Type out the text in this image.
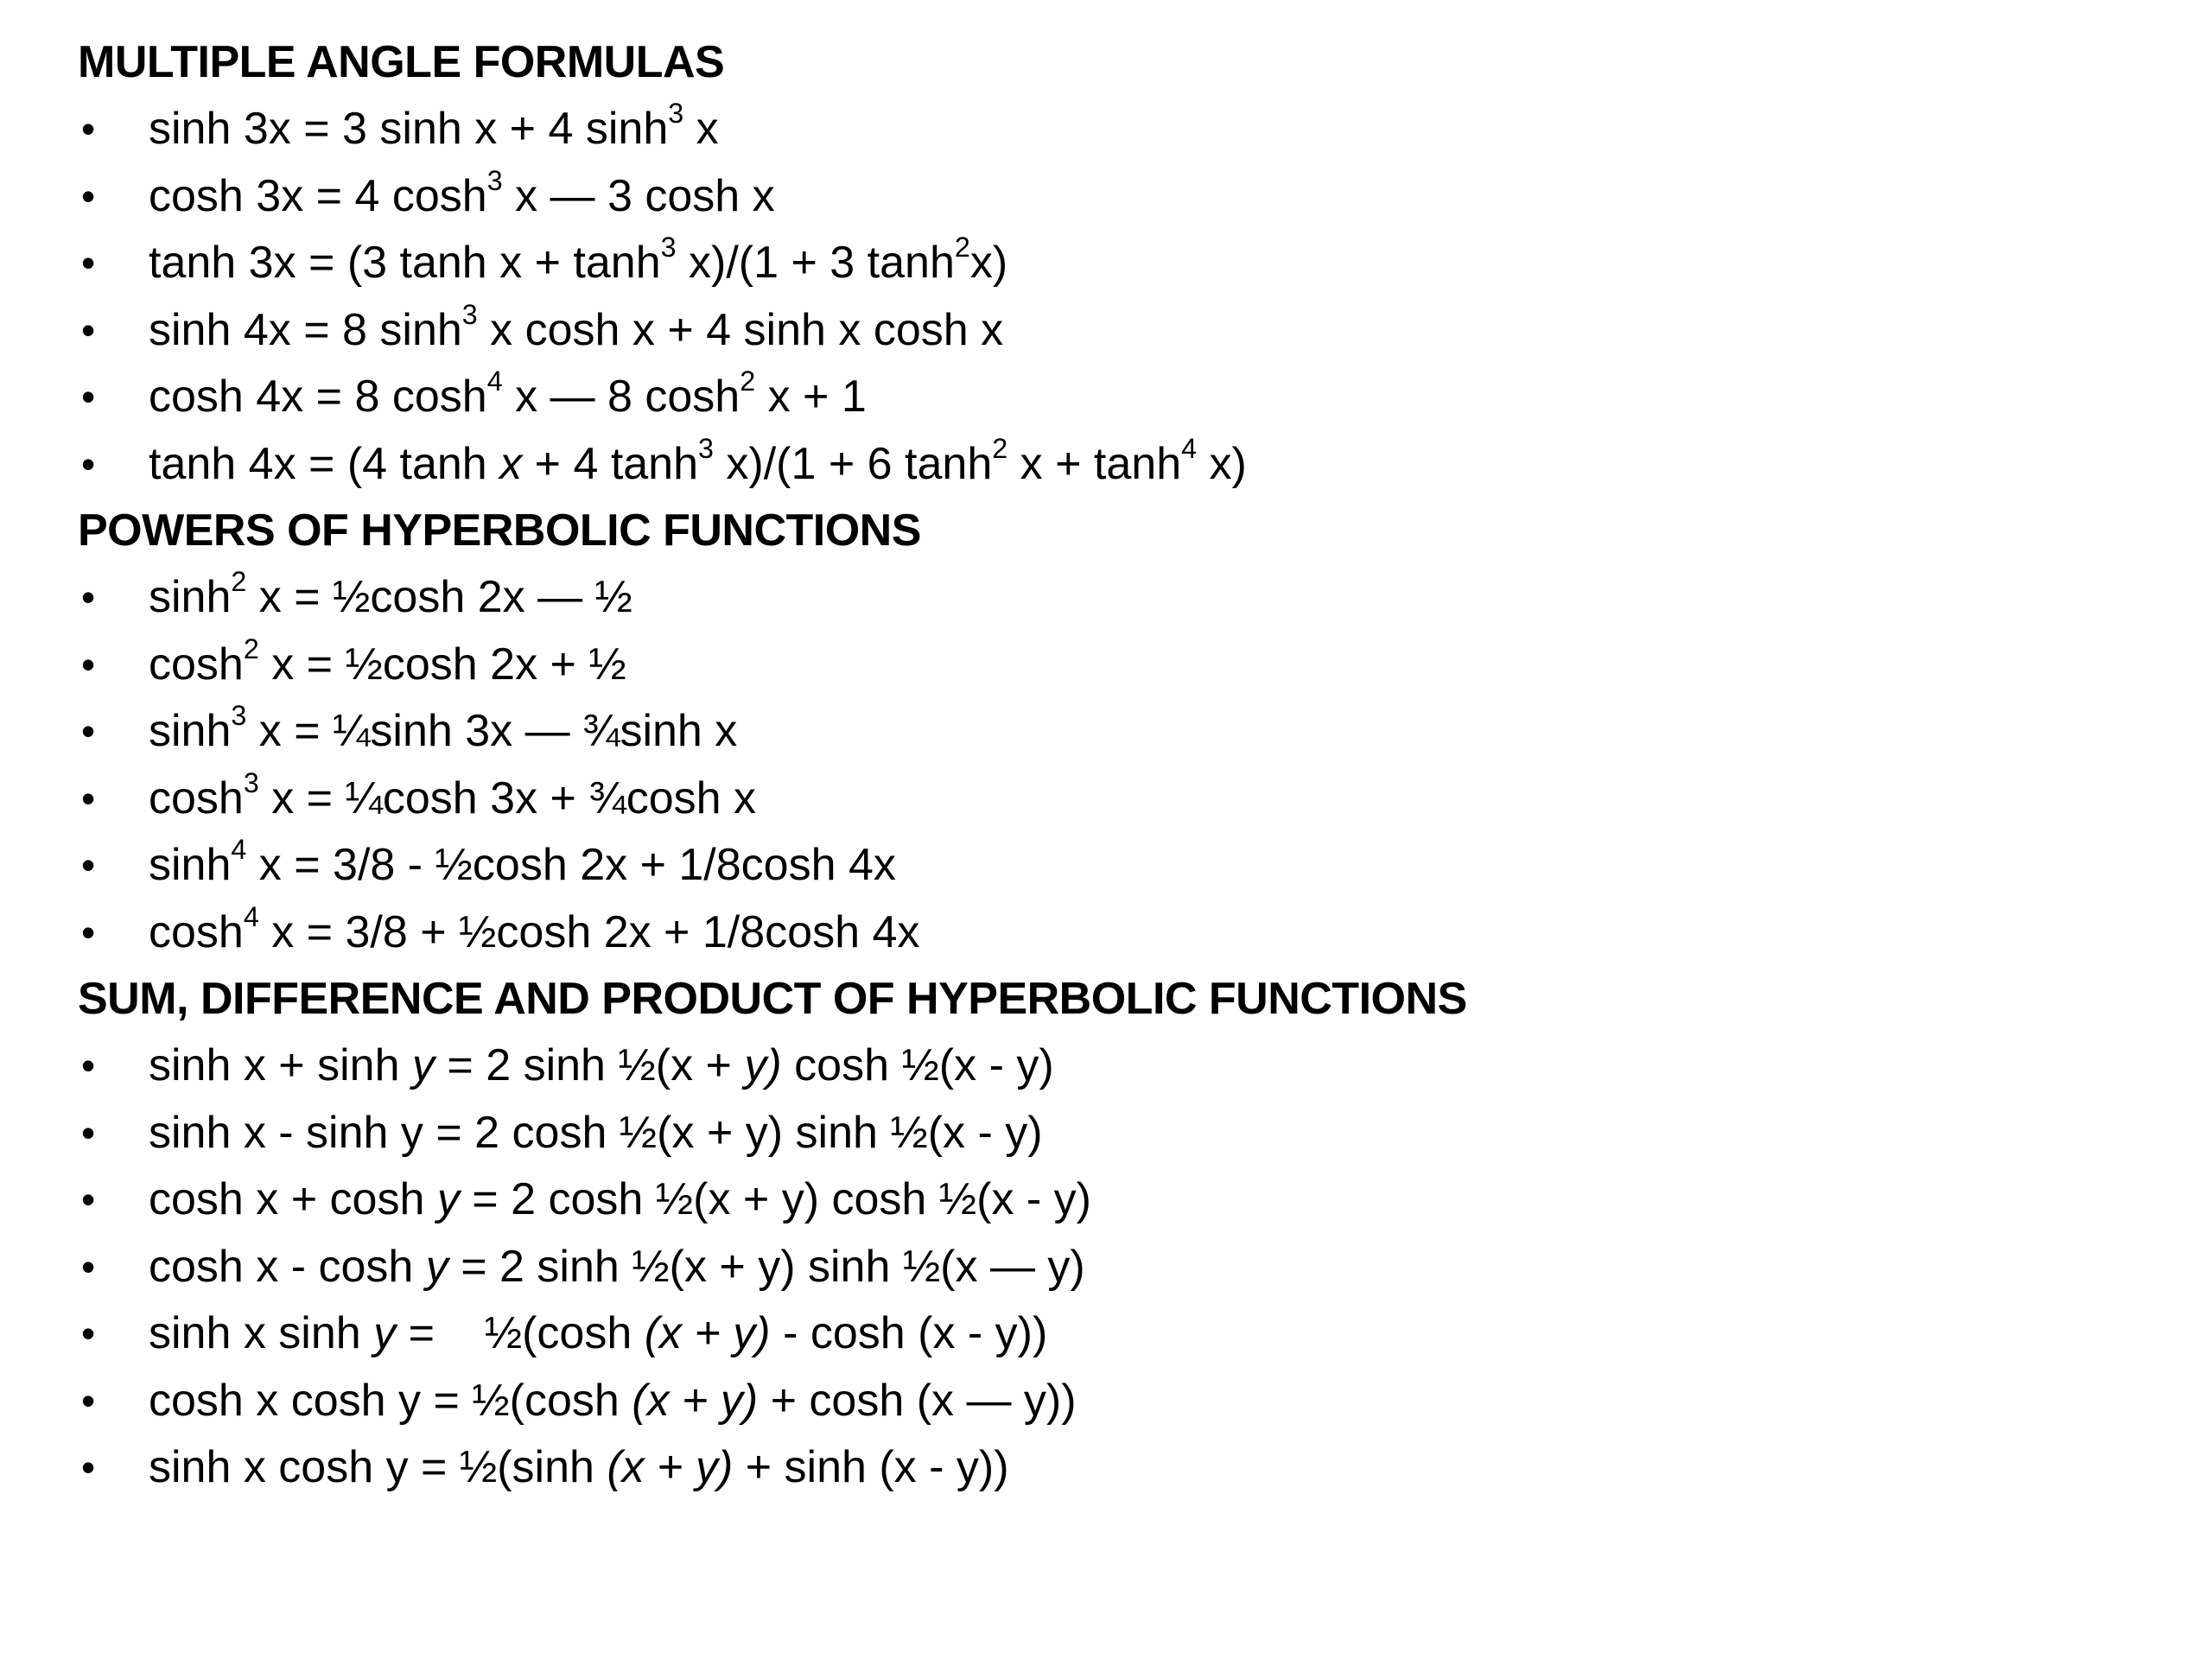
MULTIPLE ANGLE FORMULAS
• sinh 3x = 3 sinh x + 4 $\sinh^3 x$
• cosh 3x = 4 $\cosh^3 x$ — 3 cosh x
• tanh 3x = (3 $\tanh x + \tanh^3 x)/(1 + 3$ $\tanh^2x$)
• sinh 4x = 8 $\sinh^3 x$ cosh x + 4 sinh x cosh x
• cosh 4x = 8 $\cosh^4 x$ — 8 $\cosh^2 x + 1$
• tanh 4x = (4 tanh x + 4 $\tanh^3 x)/(1 + 6$ $\tanh^2 x + \tanh^4 x$)
POWERS OF HYPERBOLIC FUNCTIONS
• $\sinh^2 x$ = ½cosh 2x — ½
• $\cosh^2 x$ = ½cosh 2x + ½
• $\sinh^3 x$ = ¼sinh 3x — ¾sinh x
• $\cosh^3 x$ = ¼cosh 3x + ¾cosh x
• $\sinh^4 x = 3/8$ - ½cosh 2x + 1/8cosh 4x
• $\cosh^4 x = 3/8$ + ½cosh 2x + 1/8cosh 4x
SUM, DIFFERENCE AND PRODUCT OF HYPERBOLIC FUNCTIONS
• sinh x + sinh y = 2 sinh ½(x + y) cosh ½(x - y)
• sinh x - sinh y = 2 cosh ½(x + y) sinh ½(x - y)
• cosh x + cosh y = 2 cosh ½(x + y) cosh ½(x - y)
• cosh x - cosh y = 2 sinh ½(x + y) sinh ½(x — y)
• sinh x sinh y =    ½(cosh (x + y) - cosh (x - y))
• cosh x cosh y = ½(cosh (x + y) + cosh (x — y))
• sinh x cosh y = ½(sinh (x + y) + sinh (x - y))
